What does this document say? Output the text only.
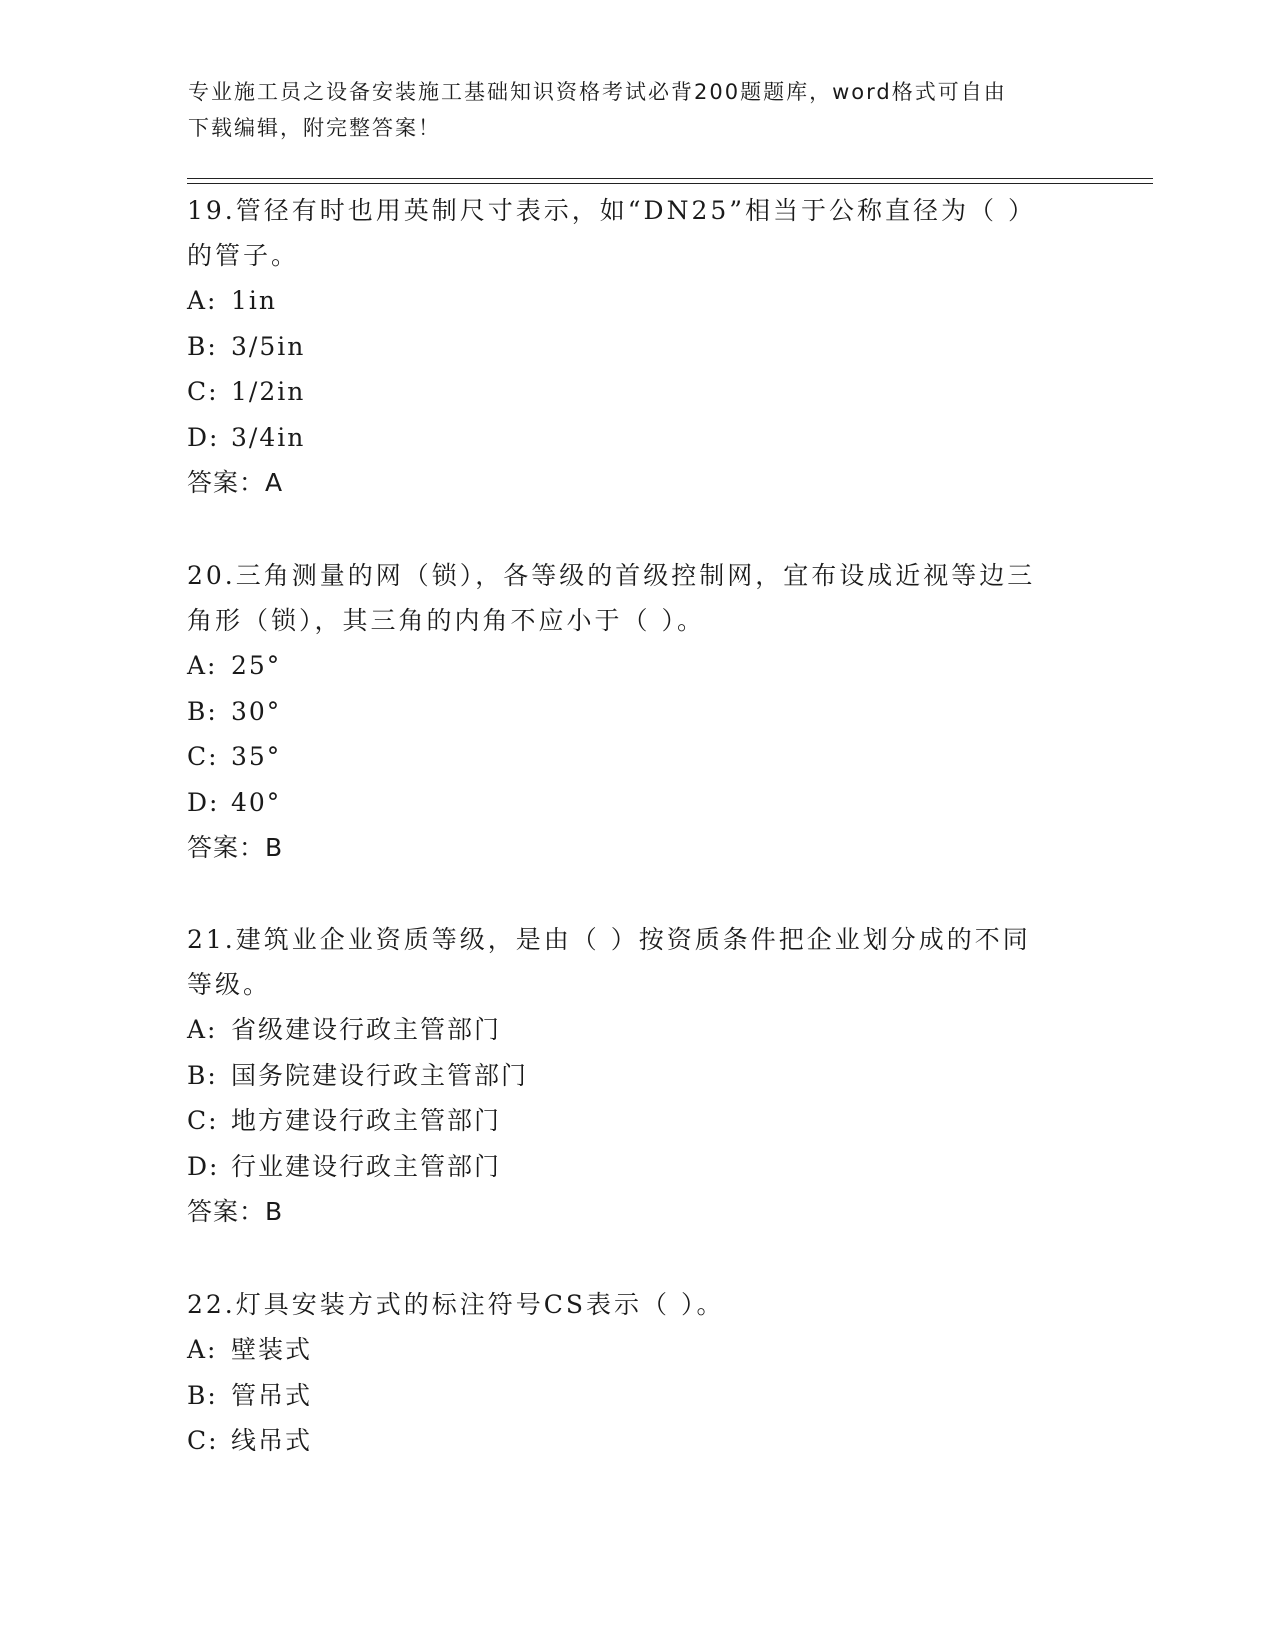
专业施工员之设备安装施工基础知识资格考试必背200题题库，word格式可自由
下载编辑，附完整答案！

19.管径有时也用英制尺寸表示，如“DN25”相当于公称直径为（ ）

的管子。

A: 1in

B: 3/5in

C: 1/2in

D: 3/4in

答案：A

20.三角测量的网（锁），各等级的首级控制网，宜布设成近视等边三

角形（锁），其三角的内角不应小于（ ）。

A: 25°

B: 30°

C: 35°

D: 40°

答案：B

21.建筑业企业资质等级，是由（ ）按资质条件把企业划分成的不同

等级。

A: 省级建设行政主管部门

B: 国务院建设行政主管部门

C: 地方建设行政主管部门

D: 行业建设行政主管部门

答案：B

22.灯具安装方式的标注符号CS表示（ ）。

A: 壁装式

B: 管吊式

C: 线吊式
